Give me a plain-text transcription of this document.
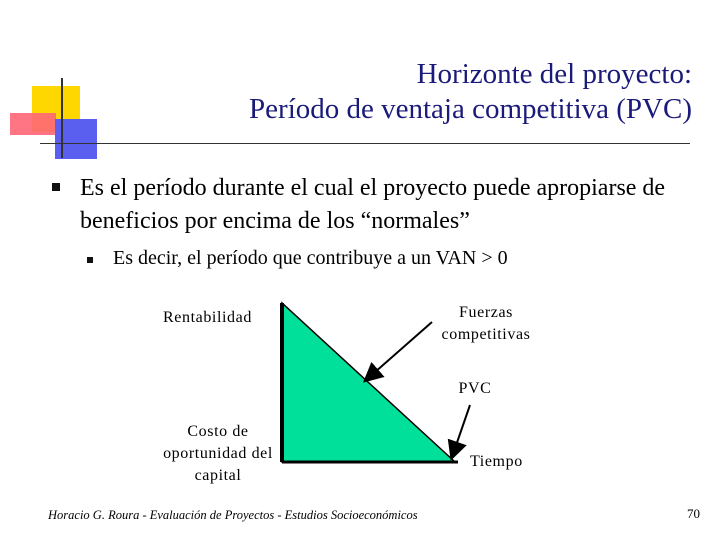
Horizonte del proyecto:
Período de ventaja competitiva (PVC)
Es el período durante el cual el proyecto puede apropiarse de beneficios por encima de los “normales”
Es decir, el período que contribuye a un VAN > 0
Rentabilidad
Costo de oportunidad del capital
Fuerzas competitivas
PVC
Tiempo
Horacio G. Roura - Evaluación de Proyectos - Estudios Socioeconómicos	70
